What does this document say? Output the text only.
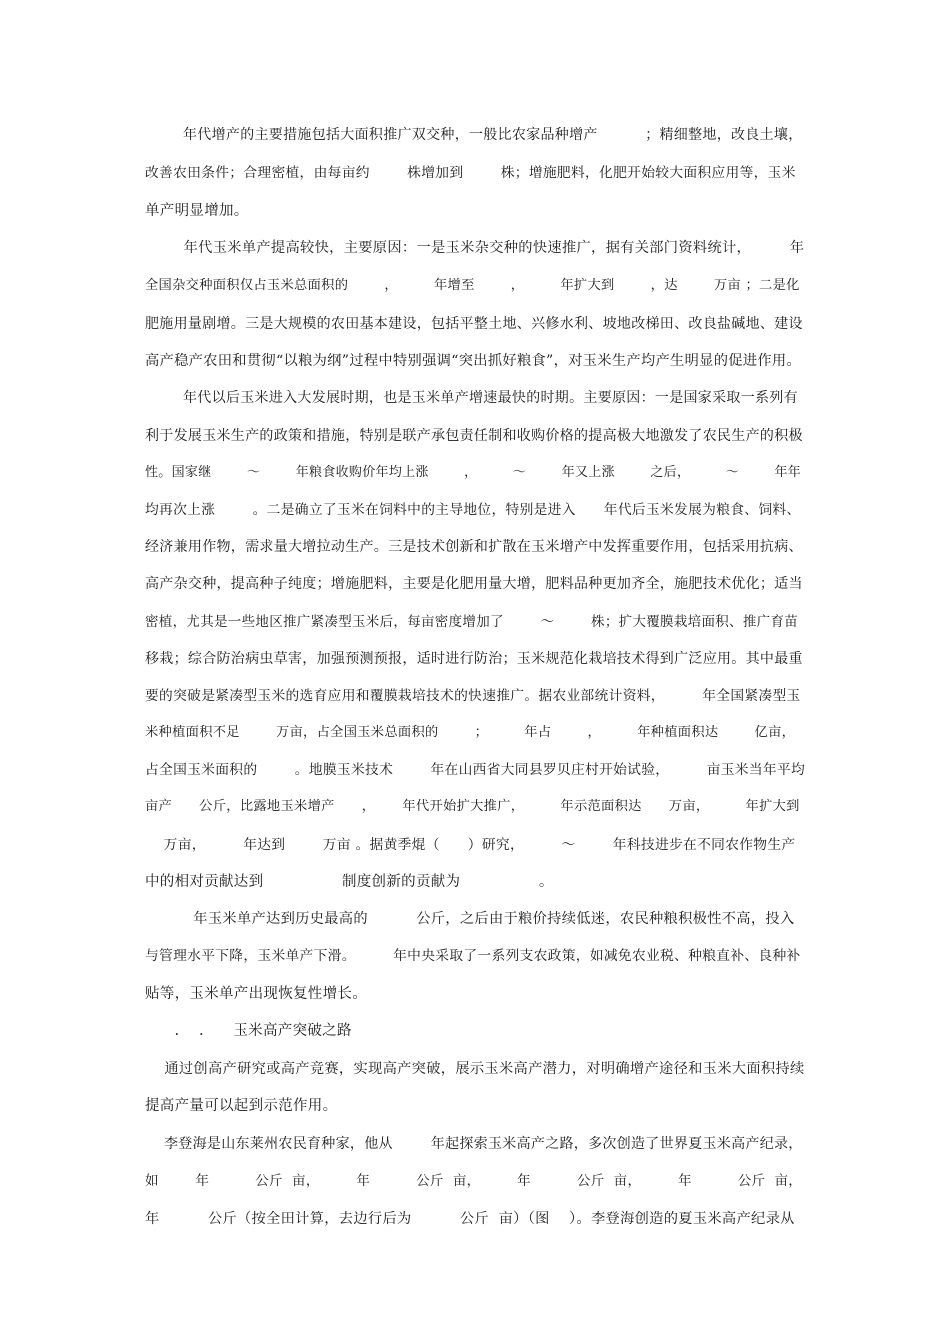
年代增产的主要措施包括大面积推广双交种，一般比农家品种增产          ；精细整地，改良土壤，
改善农田条件；合理密植，由每亩约        株增加到        株；增施肥料，化肥开始较大面积应用等，玉米
单产明显增加。
年代玉米单产提高较快，主要原因：一是玉米杂交种的快速推广，据有关部门资料统计，        年
全国杂交种面积仅占玉米总面积的        ，        年增至        ，        年扩大到        ，达        万亩 ；二是化
肥施用量剧增。三是大规模的农田基本建设，包括平整土地、兴修水利、坡地改梯田、改良盐碱地、建设
高产稳产农田和贯彻“以粮为纲”过程中特别强调“突出抓好粮食”，对玉米生产均产生明显的促进作用。
年代以后玉米进入大发展时期，也是玉米单产增速最快的时期。主要原因：一是国家采取一系列有
利于发展玉米生产的政策和措施，特别是联产承包责任制和收购价格的提高极大地激发了农民生产的积极
性。国家继        ～        年粮食收购价年均上涨        ，        ～        年又上涨        之后，        ～        年年
均再次上涨        。二是确立了玉米在饲料中的主导地位，特别是进入      年代后玉米发展为粮食、饲料、
经济兼用作物，需求量大增拉动生产。三是技术创新和扩散在玉米增产中发挥重要作用，包括采用抗病、
高产杂交种，提高种子纯度；增施肥料，主要是化肥用量大增，肥料品种更加齐全，施肥技术优化；适当
密植，尤其是一些地区推广紧凑型玉米后，每亩密度增加了        ～        株；扩大覆膜栽培面积、推广育苗
移栽；综合防治病虫草害，加强预测预报，适时进行防治；玉米规范化栽培技术得到广泛应用。其中最重
要的突破是紧凑型玉米的选育应用和覆膜栽培技术的快速推广。据农业部统计资料，        年全国紧凑型玉
米种植面积不足        万亩，占全国玉米总面积的        ；        年占        ，        年种植面积达        亿亩，
占全国玉米面积的        。地膜玉米技术        年在山西省大同县罗贝庄村开始试验，        亩玉米当年平均
亩产      公斤，比露地玉米增产      ，      年代开始扩大推广，        年示范面积达      万亩，        年扩大到
万亩，        年达到        万亩 。据黄季焜（      ）研究，        ～        年科技进步在不同农作物生产
中的相对贡献达到                制度创新的贡献为                。
年玉米单产达到历史最高的          公斤，之后由于粮价持续低迷，农民种粮积极性不高，投入
与管理水平下降，玉米单产下滑。        年中央采取了一系列支农政策，如减免农业税、种粮直补、良种补
贴等，玉米单产出现恢复性增长。
.    .      玉米高产突破之路
通过创高产研究或高产竞赛，实现高产突破，展示玉米高产潜力，对明确增产途径和玉米大面积持续
提高产量可以起到示范作用。
李登海是山东莱州农民育种家，他从        年起探索玉米高产之路，多次创造了世界夏玉米高产纪录，
如        年          公斤  亩，        年          公斤  亩，        年          公斤  亩，        年          公斤  亩，
年          公斤（按全田计算，去边行后为          公斤  亩）（图    ）。李登海创造的夏玉米高产纪录从
